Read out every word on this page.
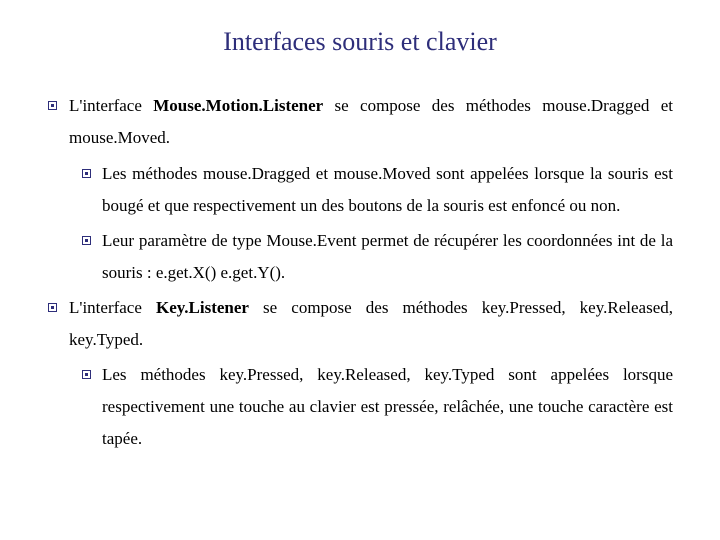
Interfaces souris et clavier
L'interface Mouse.Motion.Listener se compose des méthodes mouse.Dragged et mouse.Moved.
Les méthodes mouse.Dragged et mouse.Moved sont appelées lorsque la souris est bougé et que respectivement un des boutons de la souris est enfoncé ou non.
Leur paramètre de type Mouse.Event permet de récupérer les coordonnées int de la souris : e.get.X() e.get.Y().
L'interface Key.Listener se compose des méthodes key.Pressed, key.Released, key.Typed.
Les méthodes key.Pressed, key.Released, key.Typed sont appelées lorsque respectivement une touche au clavier est pressée, relâchée, une touche caractère est tapée.
